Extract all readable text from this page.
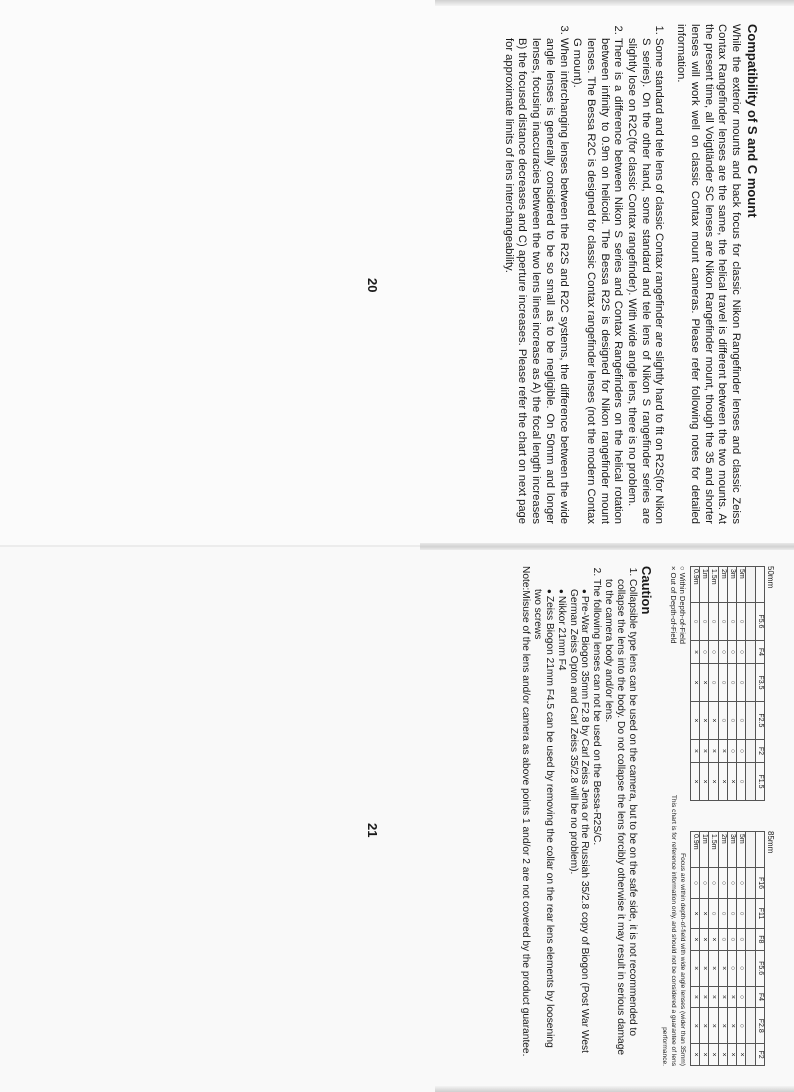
Compatibility of S and C mount

While the exterior mounts and back focus for classic Nikon Rangefinder lenses and classic Zeiss Contax Rangefinder lenses are the same, the helical travel is different between the two mounts. At the present time, all Voigtländer SC lenses are Nikon Rangefinder mount, though the 35 and shorter lenses will work well on classic Contax mount cameras. Please refer following notes for detailed information.

1. Some standard and tele lens of classic Contax rangefinder are slightly hard to fit on R2S(for Nikon S series). On the other hand, some standard and tele lens of Nikon S rangefinder series are slightly lose on R2C(for classic Contax rangefinder). With wide angle lens, there is no problem.
2. There is a difference between Nikon S series and Contax Rangefinders on the helical rotation between infinity to 0.9m on helicoid. The Bessa R2S is designed for Nikon rangefinder mount lenses. The Bessa R2C is designed for classic Contax rangefinder lenses (not the modern Contax G mount).
3. When interchanging lenses between the R2S and R2C systems, the difference between the wide angle lenses is generally considered to be so small as to be negligible. On 50mm and longer lenses, focusing inaccuracies between the two lens lines increase as A) the focal length increases B) the focused distance decreases and C) aperture increases. Please refer the chart on next page for approximate limits of lens interchangeability.
20
50mm
	F5.6	F4	F3.5	F2.5	F2	F1.5

5m	○	○	○	○	○	○
3m	○	○	○	○	○	×
2m	○	○	○	○	×	×
1.5m	○	○	○	×	×	×
1m	○	○	×	×	×	×
0.9m	○	×	×	×	×	×
85mm
	F16	F11	F8	F5.6	F4	F2.8	F2

5m	○	○	○	○	○	○	×
3m	○	○	○	○	×	×	×
2m	○	○	○	×	×	×	×
1.5m	○	○	×	×	×	×	×
1m	○	×	×	×	×	×	×
0.9m	○	×	×	×	×	×	×
○ Within Depth-of-Field
× Out of Depth-of-Field
Focus are within depth-of-field with wide angle lenses (wider than 35mm)
This chart is for reference information only, and should not be considered a guarantee of lens performance.
Caution
1. Collapsible type lens can be used on the camera, but to be on the safe side, it is not recommended to collapse the lens into the body. Do not collapse the lens forcibly otherwise it may result in serious damage to the camera body and/or lens.
2. The following lenses can not be used on the Bessa-R2S/C.
● Pre-War Biogon 35mm F2.8 by Carl Zeiss Jena or the Russiah 35/2.8 copy of Biogon (Post War West German Zeiss Opton and Carl Zeiss 35/2.8 will be no problem).
● Nikkor 21mm F4
● Zeiss Biogon 21mm F4.5 can be used by removing the collar on the rear lens elements by loosening two screws
Note:Misuse of the lens and/or camera as above points 1 and/or 2 are not covered by the product guarantee.
21
